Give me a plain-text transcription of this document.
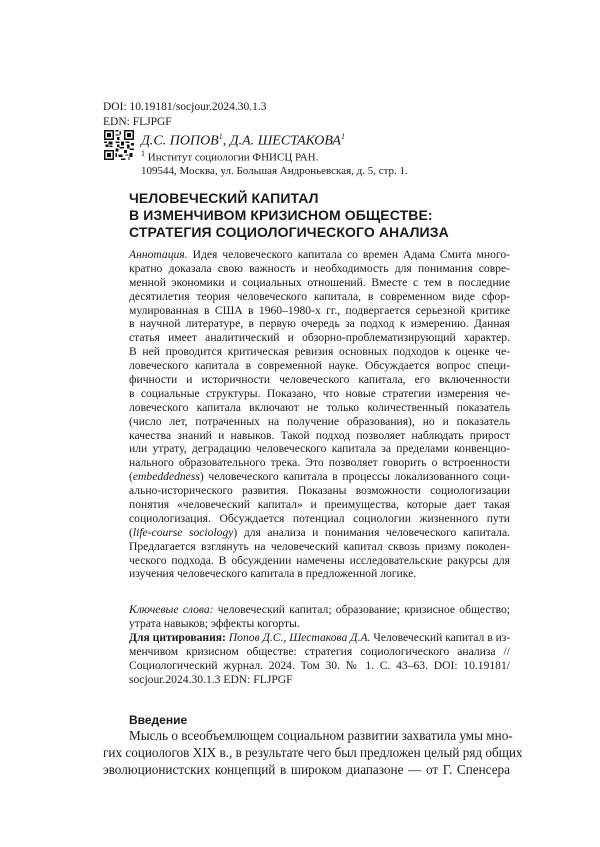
DOI: 10.19181/socjour.2024.30.1.3
EDN: FLJPGF
Д.С. ПОПОВ$^1$, Д.А. ШЕСТАКОВА$^1$
$^1$ Институт социологии ФНИСЦ РАН.
109544, Москва, ул. Большая Андроньевская, д. 5, стр. 1.
ЧЕЛОВЕЧЕСКИЙ КАПИТАЛ
В ИЗМЕНЧИВОМ КРИЗИСНОМ ОБЩЕСТВЕ:
СТРАТЕГИЯ СОЦИОЛОГИЧЕСКОГО АНАЛИЗА
Аннотация. Идея человеческого капитала со времен Адама Смита много-
кратно доказала свою важность и необходимость для понимания совре-
менной экономики и социальных отношений. Вместе с тем в последние
десятилетия теория человеческого капитала, в современном виде сфор-
мулированная в США в 1960–1980-х гг., подвергается серьезной критике
в научной литературе, в первую очередь за подход к измерению. Данная
статья имеет аналитический и обзорно-проблематизирующий характер.
В ней проводится критическая ревизия основных подходов к оценке че-
ловеческого капитала в современной науке. Обсуждается вопрос специ-
фичности и историчности человеческого капитала, его включенности
в социальные структуры. Показано, что новые стратегии измерения че-
ловеческого капитала включают не только количественный показатель
(число лет, потраченных на получение образования), но и показатель
качества знаний и навыков. Такой подход позволяет наблюдать прирост
или утрату, деградацию человеческого капитала за пределами конвенцио-
нального образовательного трека. Это позволяет говорить о встроенности
(embeddedness) человеческого капитала в процессы локализованного соци-
ально-исторического развития. Показаны возможности социологизации
понятия «человеческий капитал» и преимущества, которые дает такая
социологизация. Обсуждается потенциал социологии жизненного пути
(life-course sociology) для анализа и понимания человеческого капитала.
Предлагается взглянуть на человеческий капитал сквозь призму поколен-
ческого подхода. В обсуждении намечены исследовательские ракурсы для
изучения человеческого капитала в предложенной логике.
Ключевые слова: человеческий капитал; образование; кризисное общество;
утрата навыков; эффекты когорты.
Для цитирования: Попов Д.С., Шестакова Д.А. Человеческий капитал в из-
менчивом кризисном обществе: стратегия социологического анализа //
Социологический журнал. 2024. Том 30. № 1. С. 43–63. DOI: 10.19181/
socjour.2024.30.1.3 EDN: FLJPGF
Введение
Мысль о всеобъемлющем социальном развитии захватила умы мно-
гих социологов XIX в., в результате чего был предложен целый ряд общих
эволюционистских концепций в широком диапазоне — от Г. Спенсера
